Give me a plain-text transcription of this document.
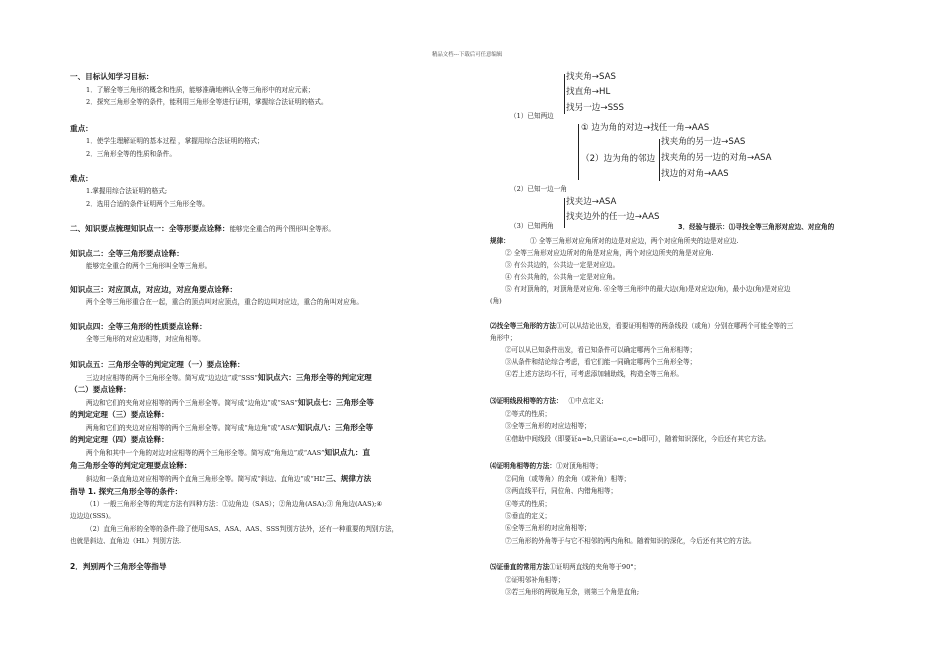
精品文档---下载后可任意编辑
一、目标认知学习目标：
1．了解全等三角形的概念和性质，能够准确地辨认全等三角形中的对应元素；
2．探究三角形全等的条件，能利用三角形全等进行证明，掌握综合法证明的格式。
重点：
1．使学生理解证明的基本过程 ，掌握用综合法证明的格式；
2．三角形全等的性质和条件。
难点：
1.掌握用综合法证明的格式;
2．选用合适的条件证明两个三角形全等。
二、知识要点梳理知识点一：全等形要点诠释：能够完全重合的两个图形叫全等形。
知识点二：全等三角形要点诠释：
能够完全重合的两个三角形叫全等三角形。
知识点三：对应顶点，对应边，对应角要点诠释：
两个全等三角形重合在一起，重合的顶点叫对应顶点，重合的边叫对应边，重合的角叫对应角。
知识点四：全等三角形的性质要点诠释：
全等三角形的对应边相等，对应角相等。
知识点五：三角形全等的判定定理（一）要点诠释：
三边对应相等的两个三角形全等。简写成“边边边”或“SSS”知识点六：三角形全等的判定定理
（二）要点诠释：
两边和它们的夹角对应相等的两个三角形全等。简写成“边角边”或“SAS”知识点七：三角形全等
的判定定理（三）要点诠释：
两角和它们的夹边对应相等的两个三角形全等。简写成“角边角”或“ASA”知识点八：三角形全等
的判定定理（四）要点诠释：
两个角和其中一个角的对边对应相等的两个三角形全等。简写成“角角边”或“AAS”知识点九：直
角三角形全等的判定定理要点诠释：
斜边和一条直角边对应相等的两个直角三角形全等。简写成“斜边、直角边”或“HL”三、规律方法
指导 1. 探究三角形全等的条件：
（1）一般三角形全等的判定方法有四种方法：①边角边（SAS）；②角边角(ASA);③ 角角边(AAS);④
边边边(SSS)。
（2）直角三角形的全等的条件:除了使用SAS、ASA、AAS、SSS判別方法外，还有一种重要的判别方法，
也就是斜边、直角边（HL）判别方法.
2．判别两个三角形全等指导
（1）已知两边
找夹角→SAS
找直角→HL
找另一边→SSS
① 边为角的对边→找任一角→AAS
（2）边为角的邻边
找夹角的另一边→SAS
找夹角的另一边的对角→ASA
找边的对角→AAS
（2）已知一边一角
（3）已知两角
找夹边→ASA
找夹边外的任一边→AAS
3．经验与提示：⑴寻找全等三角形对应边、对应角的
规律：	① 全等三角形对应角所对的边是对应边，两个对应角所夹的边是对应边.
② 全等三角形对应边所对的角是对应角，两个对应边所夹的角是对应角.
③ 有公共边的，公共边一定是对应边。
④ 有公共角的，公共角一定是对应角。
⑤ 有对顶角的，对顶角是对应角. ⑥全等三角形中的最大边(角)是对应边(角)，最小边(角)是对应边
(角)
⑵找全等三角形的方法①可以从结论出发，看要证明相等的两条线段（或角）分别在哪两个可能全等的三
角形中；
②可以从已知条件出发，看已知条件可以确定哪两个三角形相等；
③从条件和结论综合考虑，看它们能一同确定哪两个三角形全等；
④若上述方法均不行，可考虑添加辅助线，构造全等三角形。
⑶证明线段相等的方法： ①中点定义;
②等式的性质；
③全等三角形的对应边相等；
④借助中间线段（即要证a=b,只需证a=c,c=b即可），随着知识深化，今后还有其它方法。
⑷证明角相等的方法：①对顶角相等；
②同角（或等角）的余角（或补角）相等；
③两直线平行，同位角、内错角相等；
④等式的性质；
⑤垂直的定义；
⑥全等三角形的对应角相等；
⑦三角形的外角等于与它不相邻的两内角和。随着知识的深化，今后还有其它的方法。
⑸证垂直的常用方法①证明两直线的夹角等于90°；
②证明邻补角相等；
③若三角形的两锐角互余，则第三个角是直角;
